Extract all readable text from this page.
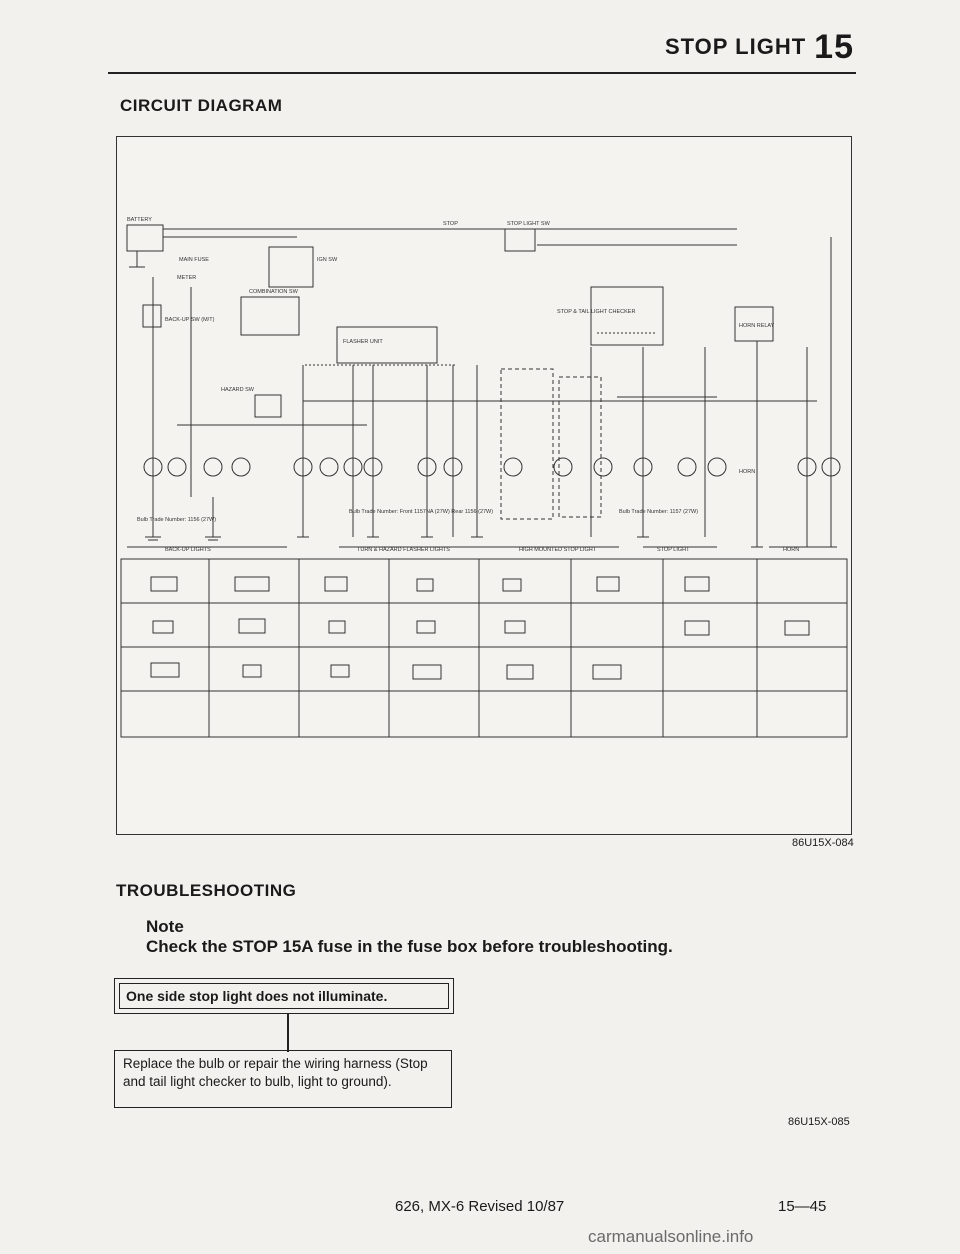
STOP LIGHT 15
CIRCUIT DIAGRAM
BATTERY
MAIN FUSE	IGN SW
COMBINATION SW
FLASHER UNIT
STOP LIGHT SW
STOP
STOP & TAIL LIGHT CHECKER
HORN RELAY
HORN
HAZARD SW
BACK-UP SW (M/T)
METER
Bulb Trade Number: Front 1157NA (27W) Rear 1156 (27W)
Bulb Trade Number: 1156 (27W)
Bulb Trade Number: 1157 (27W)
BACK-UP LIGHTS	TURN & HAZARD FLASHER LIGHTS	HIGH MOUNTED STOP LIGHT	STOP LIGHT	HORN
86U15X-084
TROUBLESHOOTING
Note
Check the STOP 15A fuse in the fuse box before troubleshooting.
One side stop light does not illuminate.
Replace the bulb or repair the wiring harness (Stop and tail light checker to bulb, light to ground).
86U15X-085
626, MX-6 Revised 10/87	15—45
carmanualsonline.info
